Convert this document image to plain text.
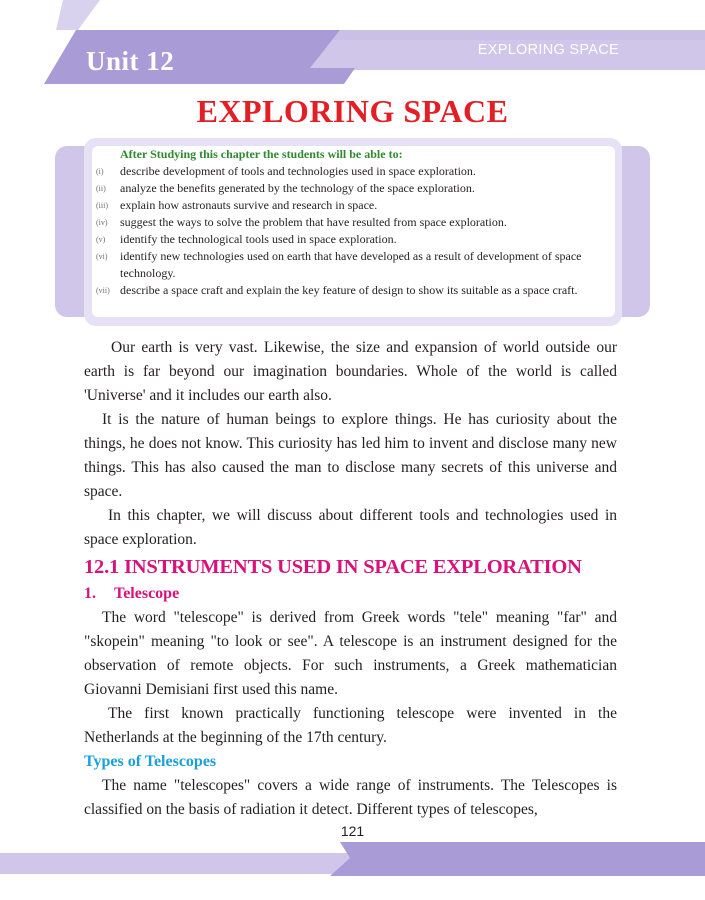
Unit 12	EXPLORING SPACE
EXPLORING SPACE
After Studying this chapter the students will be able to:
(i) describe development of tools and technologies used in space exploration.
(ii) analyze the benefits generated by the technology of the space exploration.
(iii) explain how astronauts survive and research in space.
(iv) suggest the ways to solve the problem that have resulted from space exploration.
(v) identify the technological tools used in space exploration.
(vi) identify new technologies used on earth that have developed as a result of development of space technology.
(vii) describe a space craft and explain the key feature of design to show its suitable as a space craft.

Our earth is very vast. Likewise, the size and expansion of world outside our earth is far beyond our imagination boundaries. Whole of the world is called 'Universe' and it includes our earth also.

It is the nature of human beings to explore things. He has curiosity about the things, he does not know. This curiosity has led him to invent and disclose many new things. This has also caused the man to disclose many secrets of this universe and space.

In this chapter, we will discuss about different tools and technologies used in space exploration.

12.1 INSTRUMENTS USED IN SPACE EXPLORATION
1. Telescope

The word "telescope" is derived from Greek words "tele" meaning "far" and "skopein" meaning "to look or see". A telescope is an instrument designed for the observation of remote objects. For such instruments, a Greek mathematician Giovanni Demisiani first used this name.

The first known practically functioning telescope were invented in the Netherlands at the beginning of the 17th century.

Types of Telescopes

The name "telescopes" covers a wide range of instruments. The Telescopes is classified on the basis of radiation it detect. Different types of telescopes,

121
